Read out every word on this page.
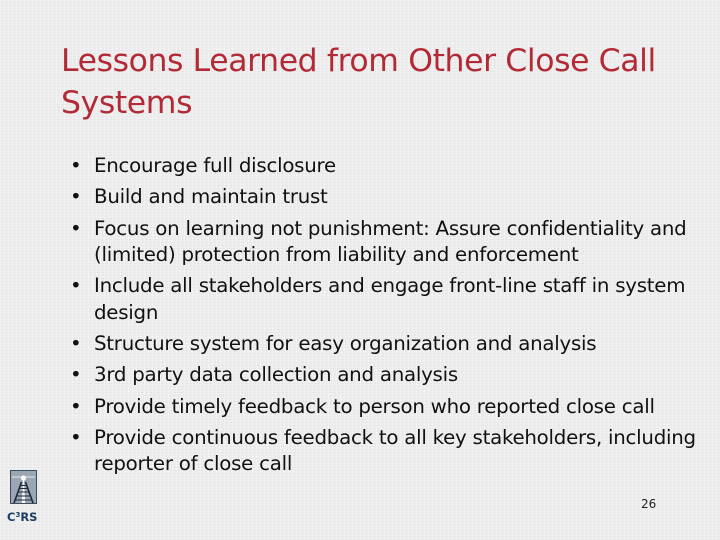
Lessons Learned from Other Close Call Systems
• Encourage full disclosure
• Build and maintain trust
• Focus on learning not punishment: Assure confidentiality and (limited) protection from liability and enforcement
• Include all stakeholders and engage front-line staff in system design
• Structure system for easy organization and analysis
• 3rd party data collection and analysis
• Provide timely feedback to person who reported close call
• Provide continuous feedback to all key stakeholders, including reporter of close call
26
$C^3RS$
